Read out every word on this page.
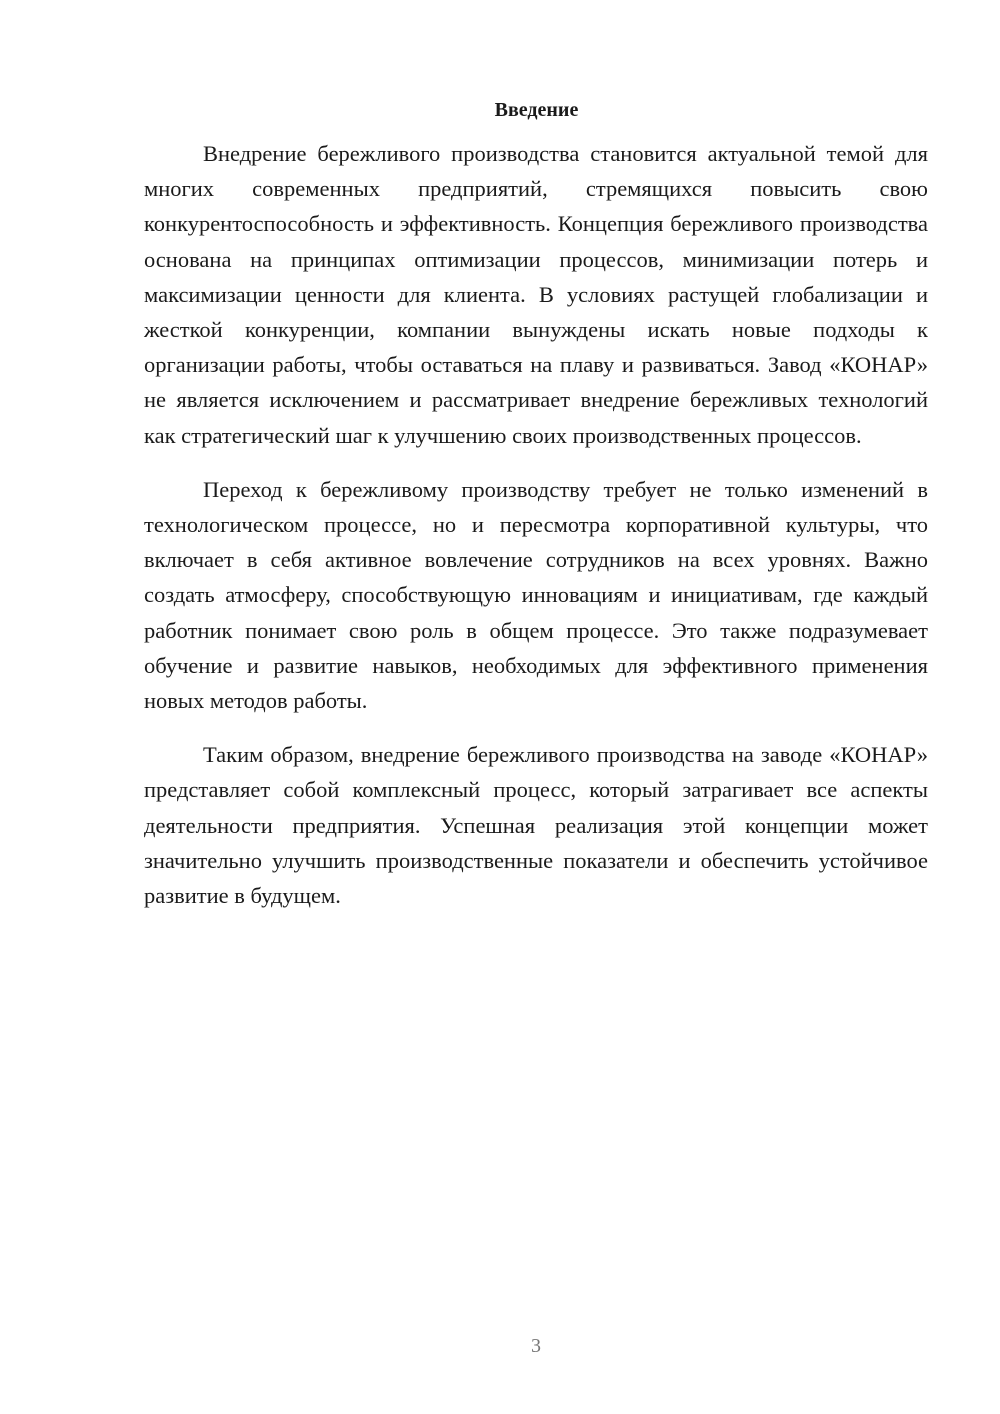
Введение

Внедрение бережливого производства становится актуальной темой для многих современных предприятий, стремящихся повысить свою конкурентоспособность и эффективность. Концепция бережливого производства основана на принципах оптимизации процессов, минимизации потерь и максимизации ценности для клиента. В условиях растущей глобализации и жесткой конкуренции, компании вынуждены искать новые подходы к организации работы, чтобы оставаться на плаву и развиваться. Завод «КОНАР» не является исключением и рассматривает внедрение бережливых технологий как стратегический шаг к улучшению своих производственных процессов.

Переход к бережливому производству требует не только изменений в технологическом процессе, но и пересмотра корпоративной культуры, что включает в себя активное вовлечение сотрудников на всех уровнях. Важно создать атмосферу, способствующую инновациям и инициативам, где каждый работник понимает свою роль в общем процессе. Это также подразумевает обучение и развитие навыков, необходимых для эффективного применения новых методов работы.

Таким образом, внедрение бережливого производства на заводе «КОНАР» представляет собой комплексный процесс, который затрагивает все аспекты деятельности предприятия. Успешная реализация этой концепции может значительно улучшить производственные показатели и обеспечить устойчивое развитие в будущем.

3
